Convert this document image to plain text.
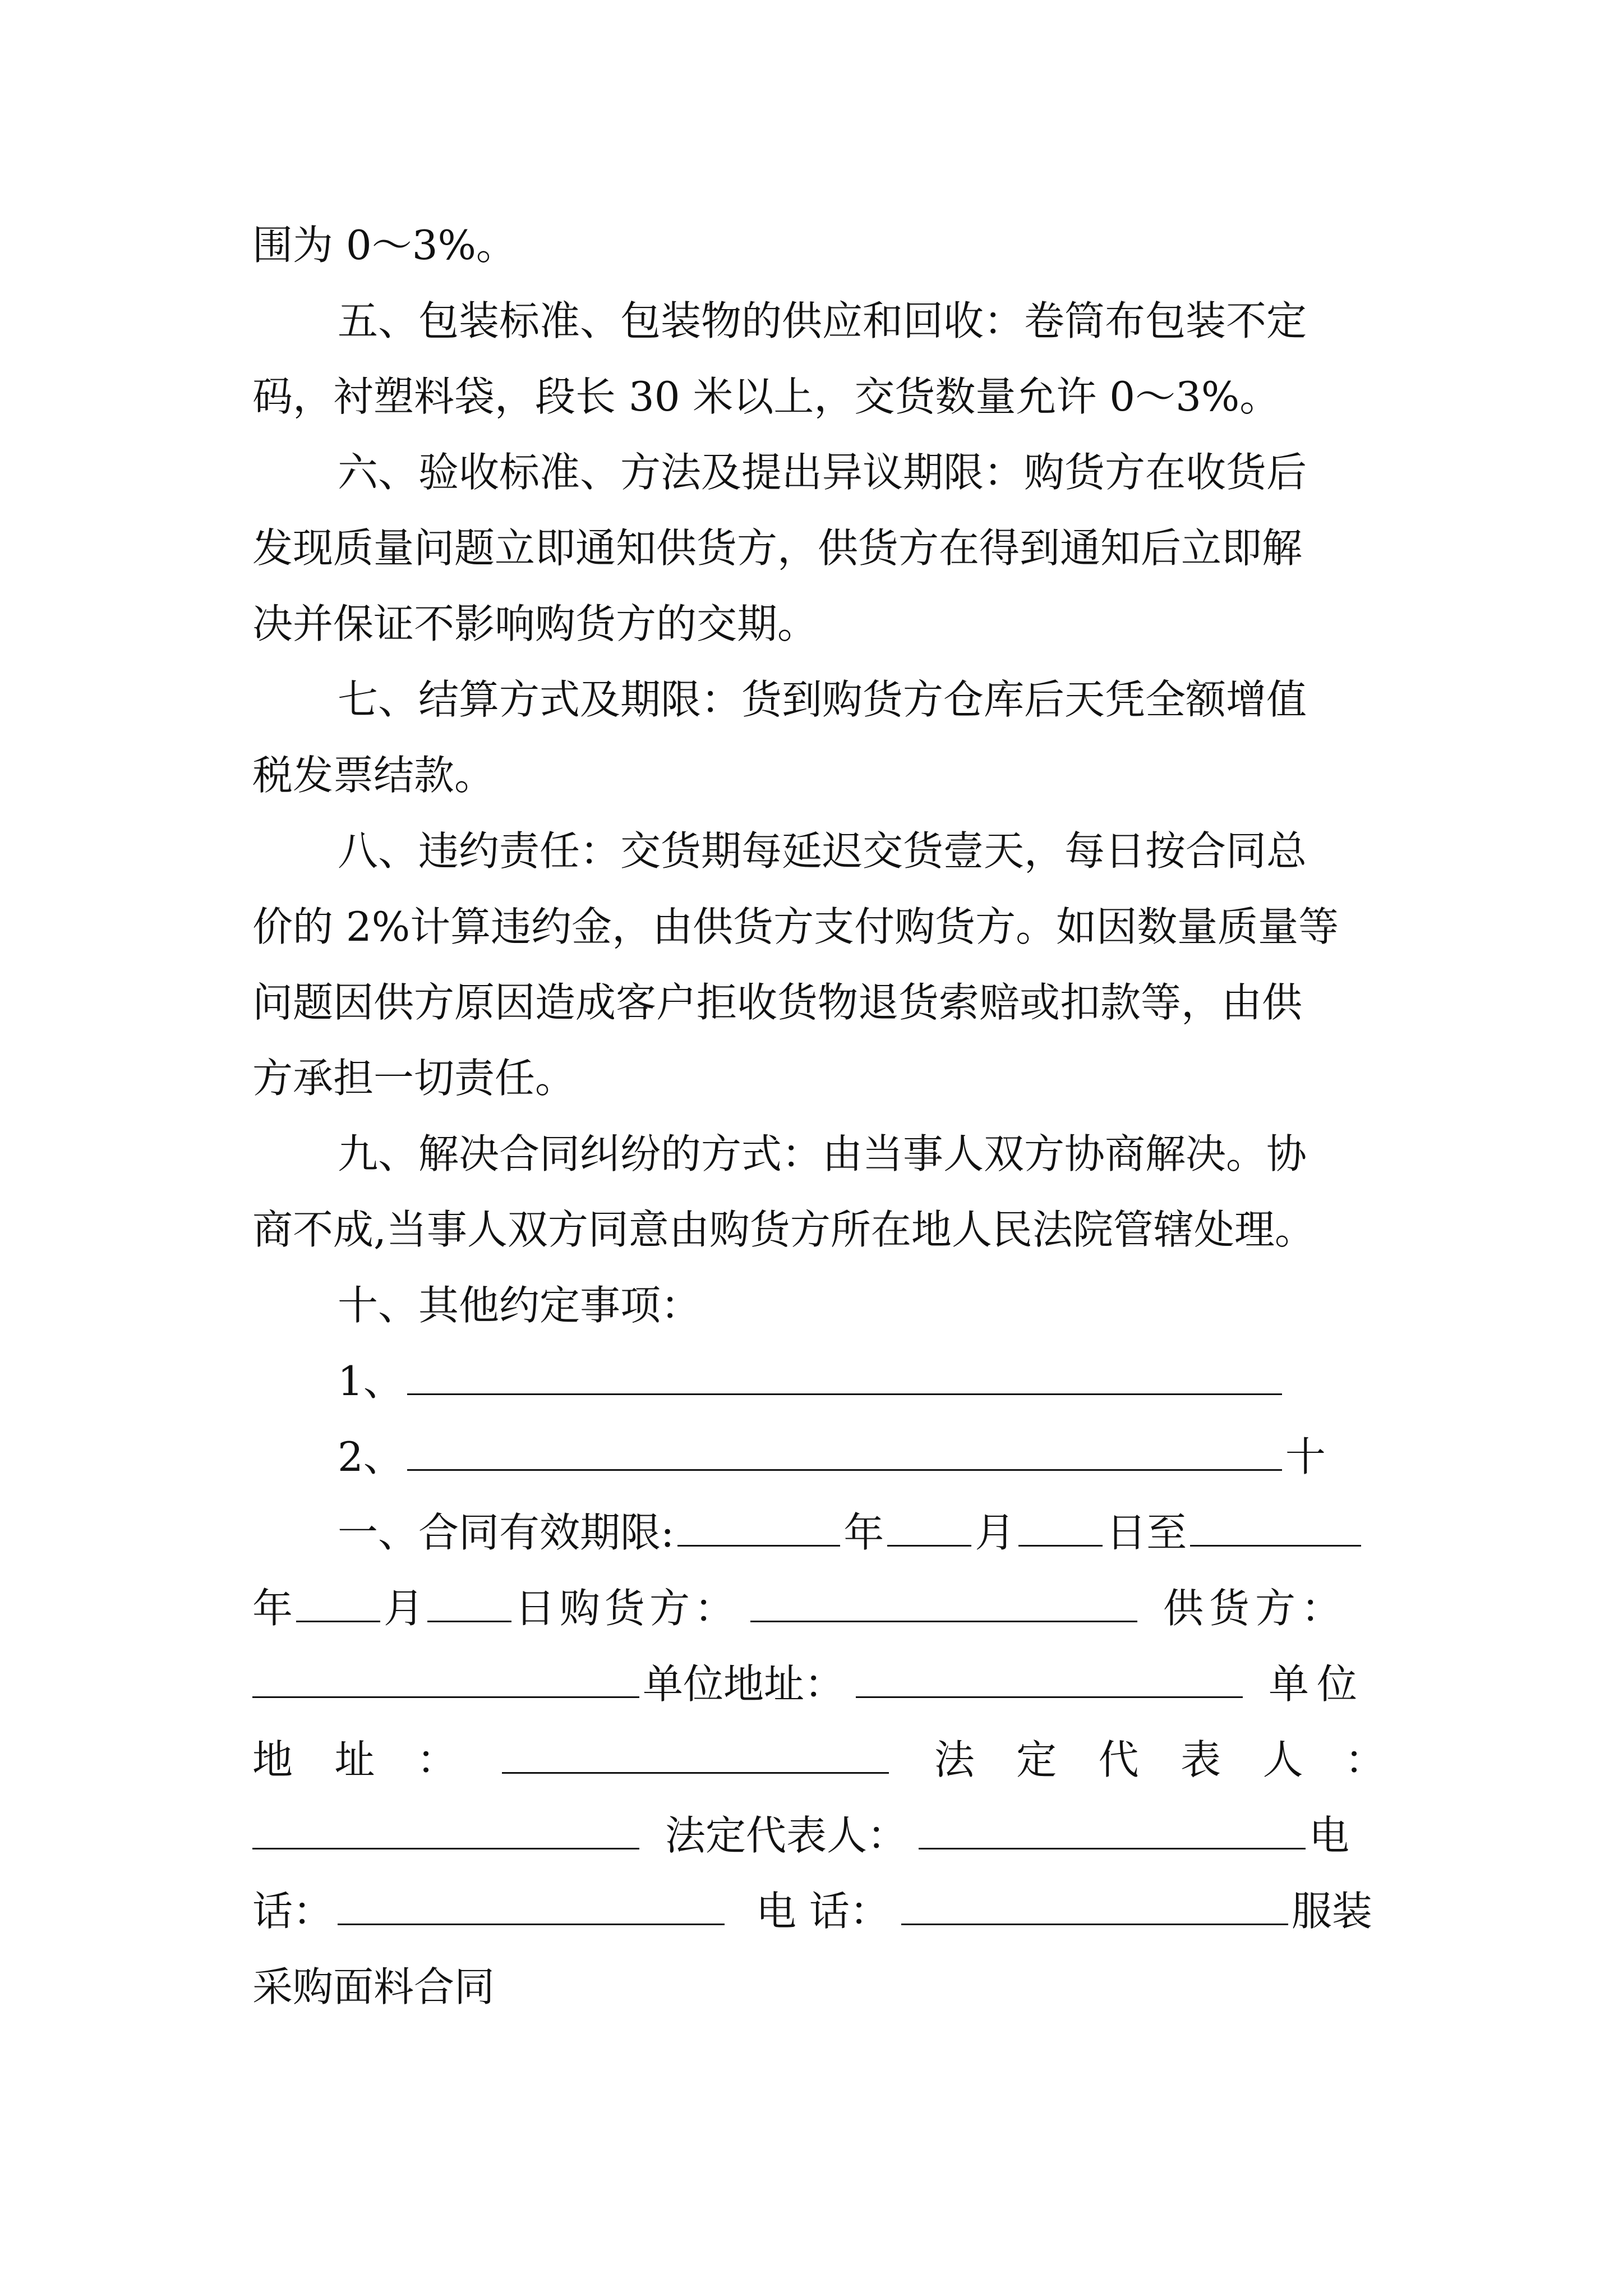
围为 0～3%。
五、包装标准、包装物的供应和回收：卷筒布包装不定
码，衬塑料袋，段长 30 米以上，交货数量允许 0～3%。
六、验收标准、方法及提出异议期限：购货方在收货后
发现质量问题立即通知供货方，供货方在得到通知后立即解
决并保证不影响购货方的交期。
七、结算方式及期限：货到购货方仓库后天凭全额增值
税发票结款。
八、违约责任：交货期每延迟交货壹天，每日按合同总
价的 2%计算违约金，由供货方支付购货方。如因数量质量等
问题因供方原因造成客户拒收货物退货索赔或扣款等，由供
方承担一切责任。
九、解决合同纠纷的方式：由当事人双方协商解决。协
商不成,当事人双方同意由购货方所在地人民法院管辖处理。
十、其他约定事项：
1、
2、	十
一、合同有效期限:	年 月 日至
年 月 日购货方：	供货方：
单位地址：	单位
地 址 ：	法 定 代 表 人 ：
法定代表人：	电
话：	电 话：	服装
采购面料合同
